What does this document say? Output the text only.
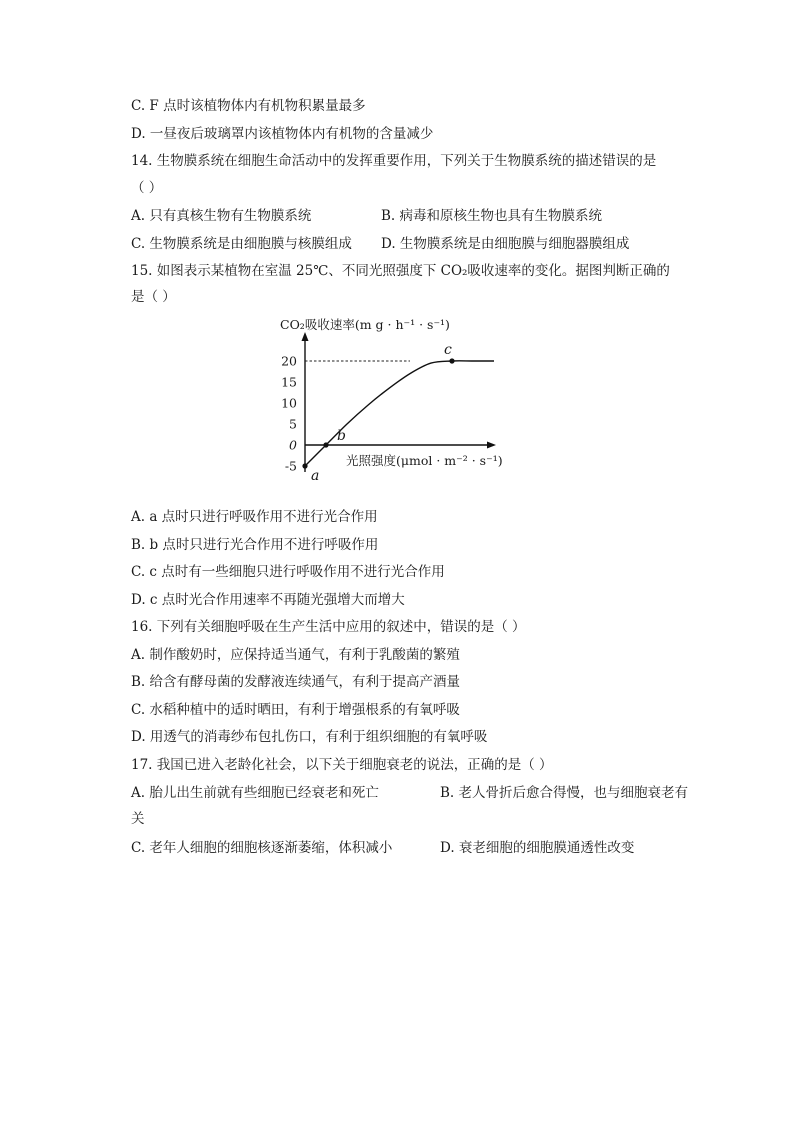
C. F 点时该植物体内有机物积累量最多
D. 一昼夜后玻璃罩内该植物体内有机物的含量减少
14. 生物膜系统在细胞生命活动中的发挥重要作用，下列关于生物膜系统的描述错误的是
（ ）
A. 只有真核生物有生物膜系统	B. 病毒和原核生物也具有生物膜系统
C. 生物膜系统是由细胞膜与核膜组成 D. 生物膜系统是由细胞膜与细胞器膜组成
15. 如图表示某植物在室温 25℃、不同光照强度下 CO₂吸收速率的变化。据图判断正确的
是（ ）
CO₂吸收速率(m g · h⁻¹ · s⁻¹)
20
15
10
5
0
-5	光照强度(μmol · m⁻² · s⁻¹)
a
b
c
A. a 点时只进行呼吸作用不进行光合作用
B. b 点时只进行光合作用不进行呼吸作用
C. c 点时有一些细胞只进行呼吸作用不进行光合作用
D. c 点时光合作用速率不再随光强增大而增大
16. 下列有关细胞呼吸在生产生活中应用的叙述中，错误的是（ ）
A. 制作酸奶时，应保持适当通气，有利于乳酸菌的繁殖
B. 给含有酵母菌的发酵液连续通气，有利于提高产酒量
C. 水稻种植中的适时晒田，有利于增强根系的有氧呼吸
D. 用透气的消毒纱布包扎伤口，有利于组织细胞的有氧呼吸
17. 我国已进入老龄化社会，以下关于细胞衰老的说法，正确的是（ ）
A. 胎儿出生前就有些细胞已经衰老和死亡	B. 老人骨折后愈合得慢，也与细胞衰老有
关
C. 老年人细胞的细胞核逐渐萎缩，体积减小	D. 衰老细胞的细胞膜通透性改变
